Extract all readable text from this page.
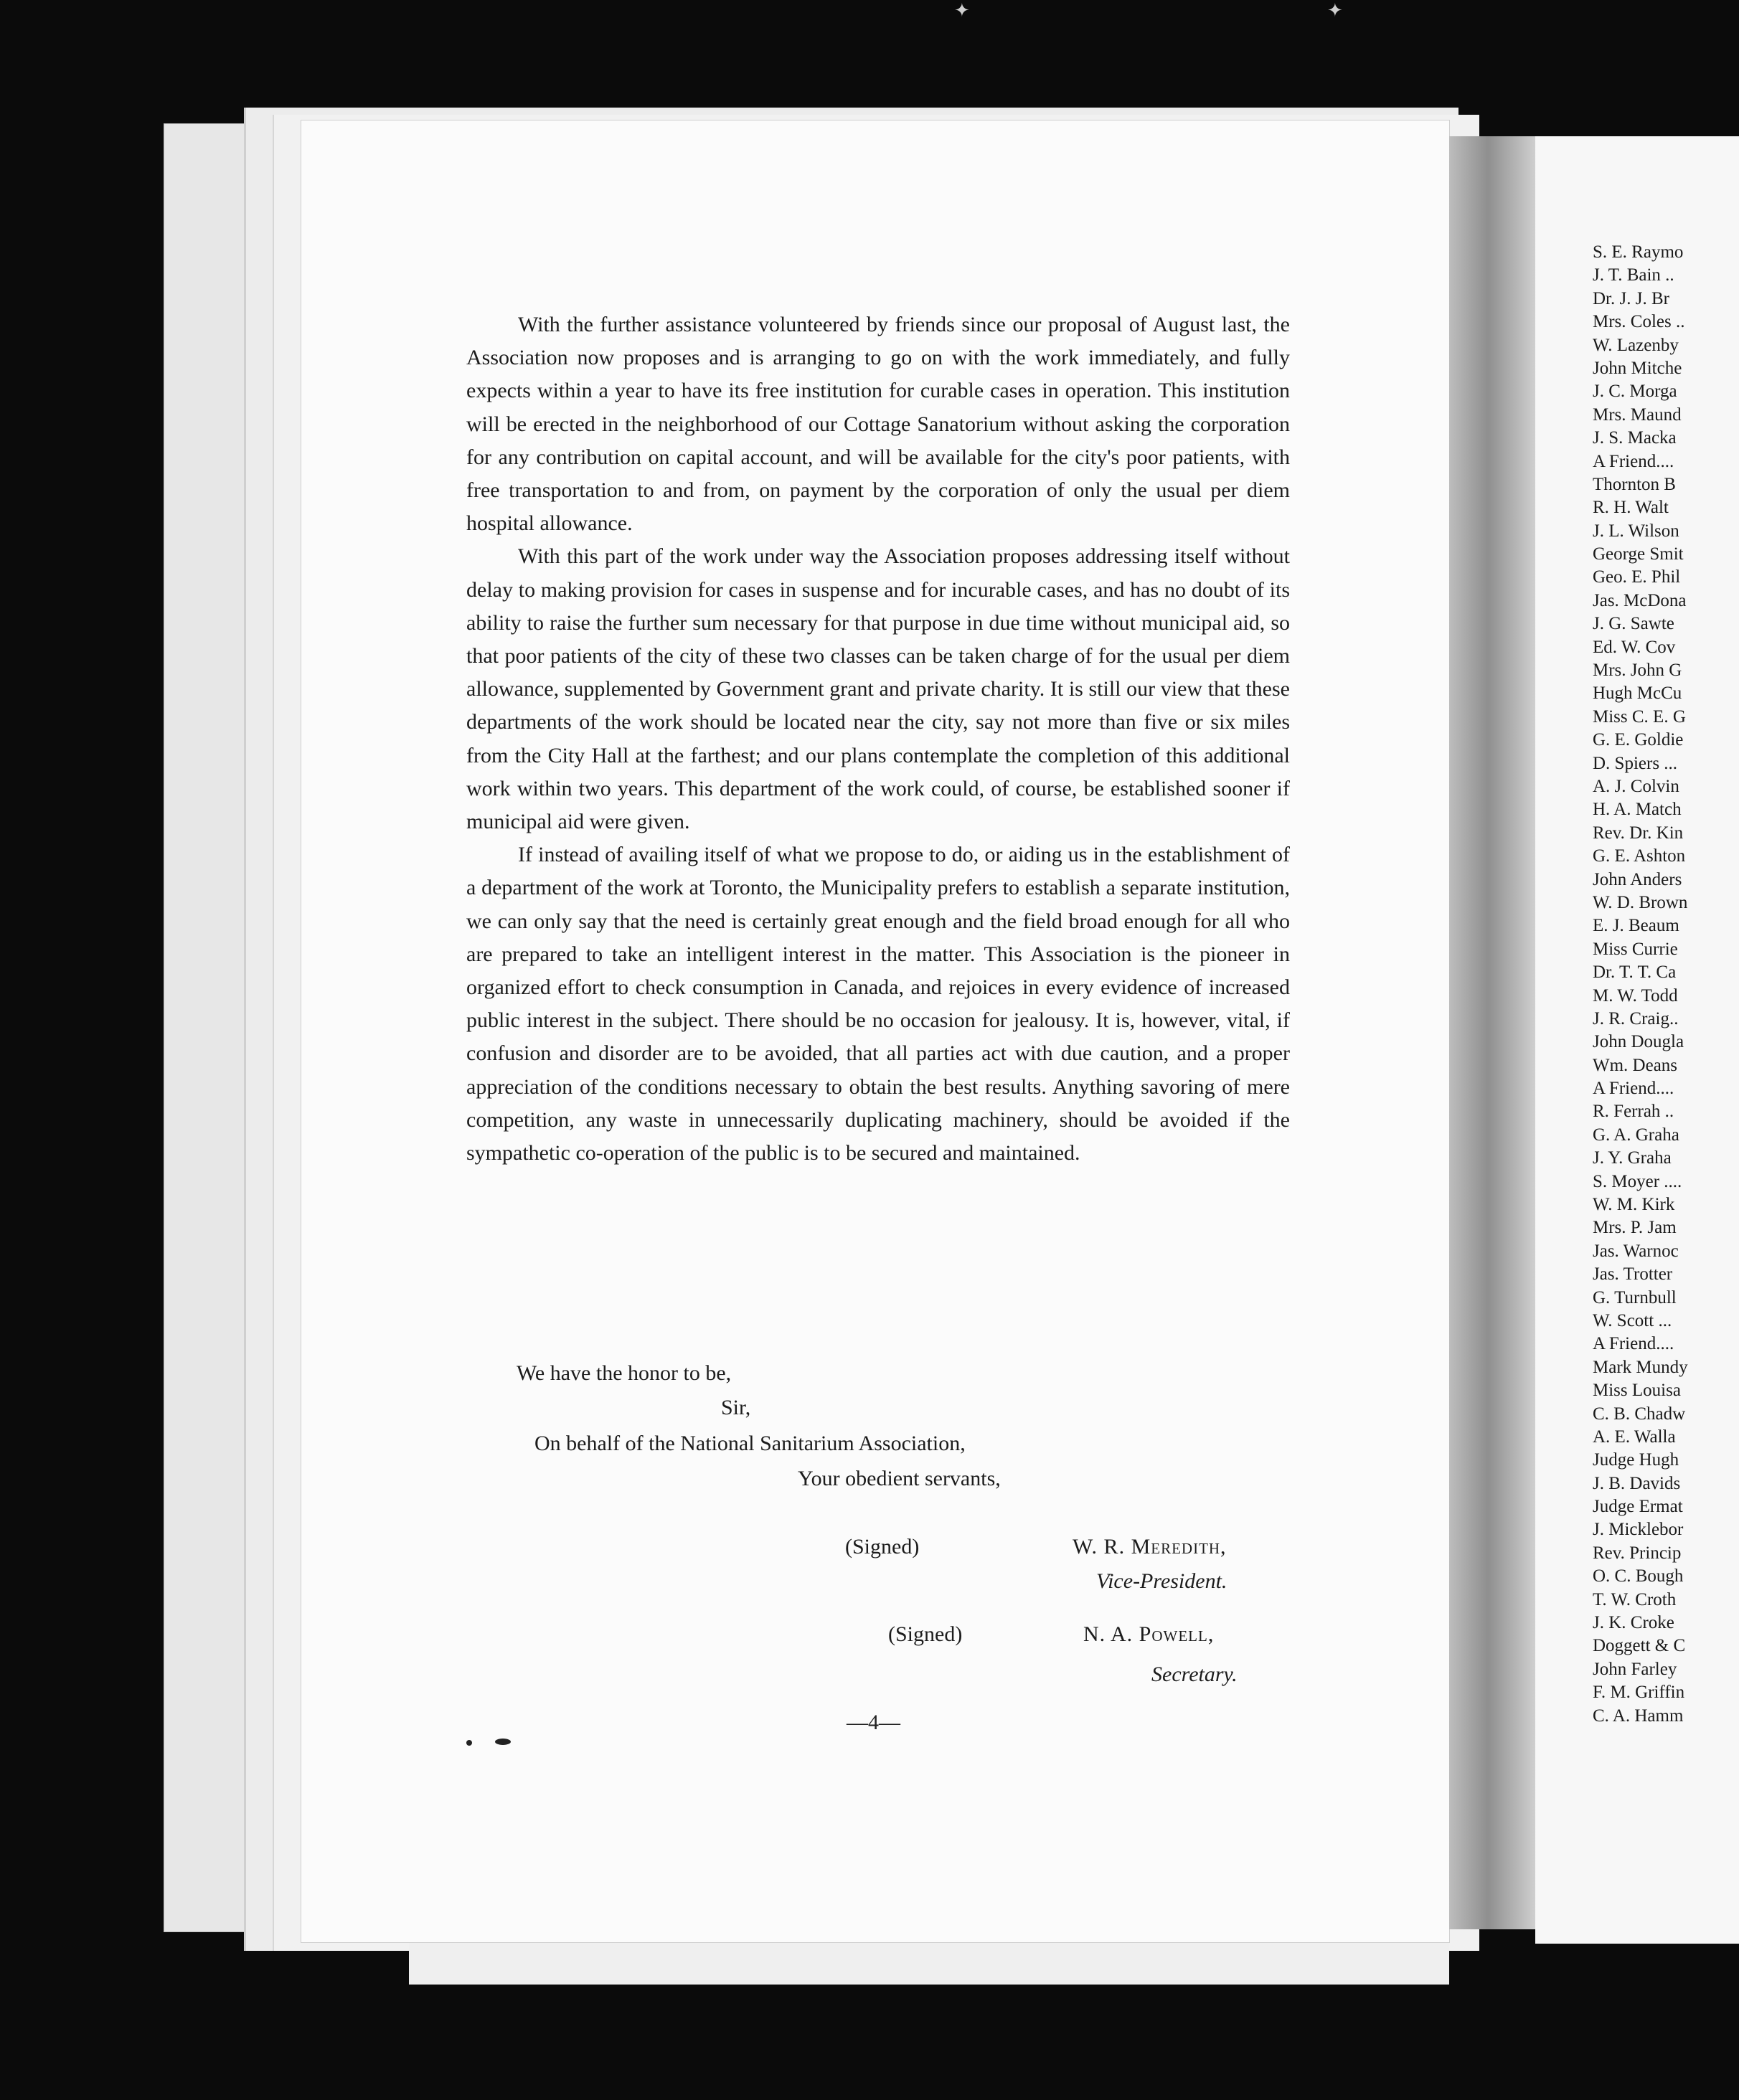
✦	✦
S. E. Raymo
J. T. Bain ..
Dr. J. J. Br
Mrs. Coles ..
W. Lazenby
John Mitche
J. C. Morga
Mrs. Maund
J. S. Macka
A Friend....
Thornton B
R. H. Walt
J. L. Wilson
George Smit
Geo. E. Phil
Jas. McDona
J. G. Sawte
Ed. W. Cov
Mrs. John G
Hugh McCu
Miss C. E. G
G. E. Goldie
D. Spiers ...
A. J. Colvin
H. A. Match
Rev. Dr. Kin
G. E. Ashton
John Anders
W. D. Brown
E. J. Beaum
Miss Currie
Dr. T. T. Ca
M. W. Todd
J. R. Craig..
John Dougla
Wm. Deans
A Friend....
R. Ferrah ..
G. A. Graha
J. Y. Graha
S. Moyer ....
W. M. Kirk
Mrs. P. Jam
Jas. Warnoc
Jas. Trotter
G. Turnbull
W. Scott ...
A Friend....
Mark Mundy
Miss Louisa
C. B. Chadw
A. E. Walla
Judge Hugh
J. B. Davids
Judge Ermat
J. Micklebor
Rev. Princip
O. C. Bough
T. W. Croth
J. K. Croke
Doggett & C
John Farley
F. M. Griffin
C. A. Hamm

With the further assistance volunteered by friends since our proposal of August last, the Association now proposes and is arranging to go on with the work immediately, and fully expects within a year to have its free institution for curable cases in operation. This institution will be erected in the neighborhood of our Cottage Sanatorium without asking the corporation for any contribution on capital account, and will be available for the city's poor patients, with free transportation to and from, on payment by the corporation of only the usual per diem hospital allowance.

With this part of the work under way the Association proposes addressing itself without delay to making provision for cases in suspense and for incurable cases, and has no doubt of its ability to raise the further sum necessary for that purpose in due time without municipal aid, so that poor patients of the city of these two classes can be taken charge of for the usual per diem allowance, supplemented by Government grant and private charity. It is still our view that these departments of the work should be located near the city, say not more than five or six miles from the City Hall at the farthest; and our plans contemplate the completion of this additional work within two years. This department of the work could, of course, be established sooner if municipal aid were given.

If instead of availing itself of what we propose to do, or aiding us in the establishment of a department of the work at Toronto, the Municipality prefers to establish a separate institution, we can only say that the need is certainly great enough and the field broad enough for all who are prepared to take an intelligent interest in the matter. This Association is the pioneer in organized effort to check consumption in Canada, and rejoices in every evidence of increased public interest in the subject. There should be no occasion for jealousy. It is, however, vital, if confusion and disorder are to be avoided, that all parties act with due caution, and a proper appreciation of the conditions necessary to obtain the best results. Anything savoring of mere competition, any waste in unnecessarily duplicating machinery, should be avoided if the sympathetic co-operation of the public is to be secured and maintained.

We have the honor to be,
Sir,
On behalf of the National Sanitarium Association,
Your obedient servants,
(Signed)	W. R. Meredith,
Vice-President.
(Signed)	N. A. Powell,
Secretary.
—4—
